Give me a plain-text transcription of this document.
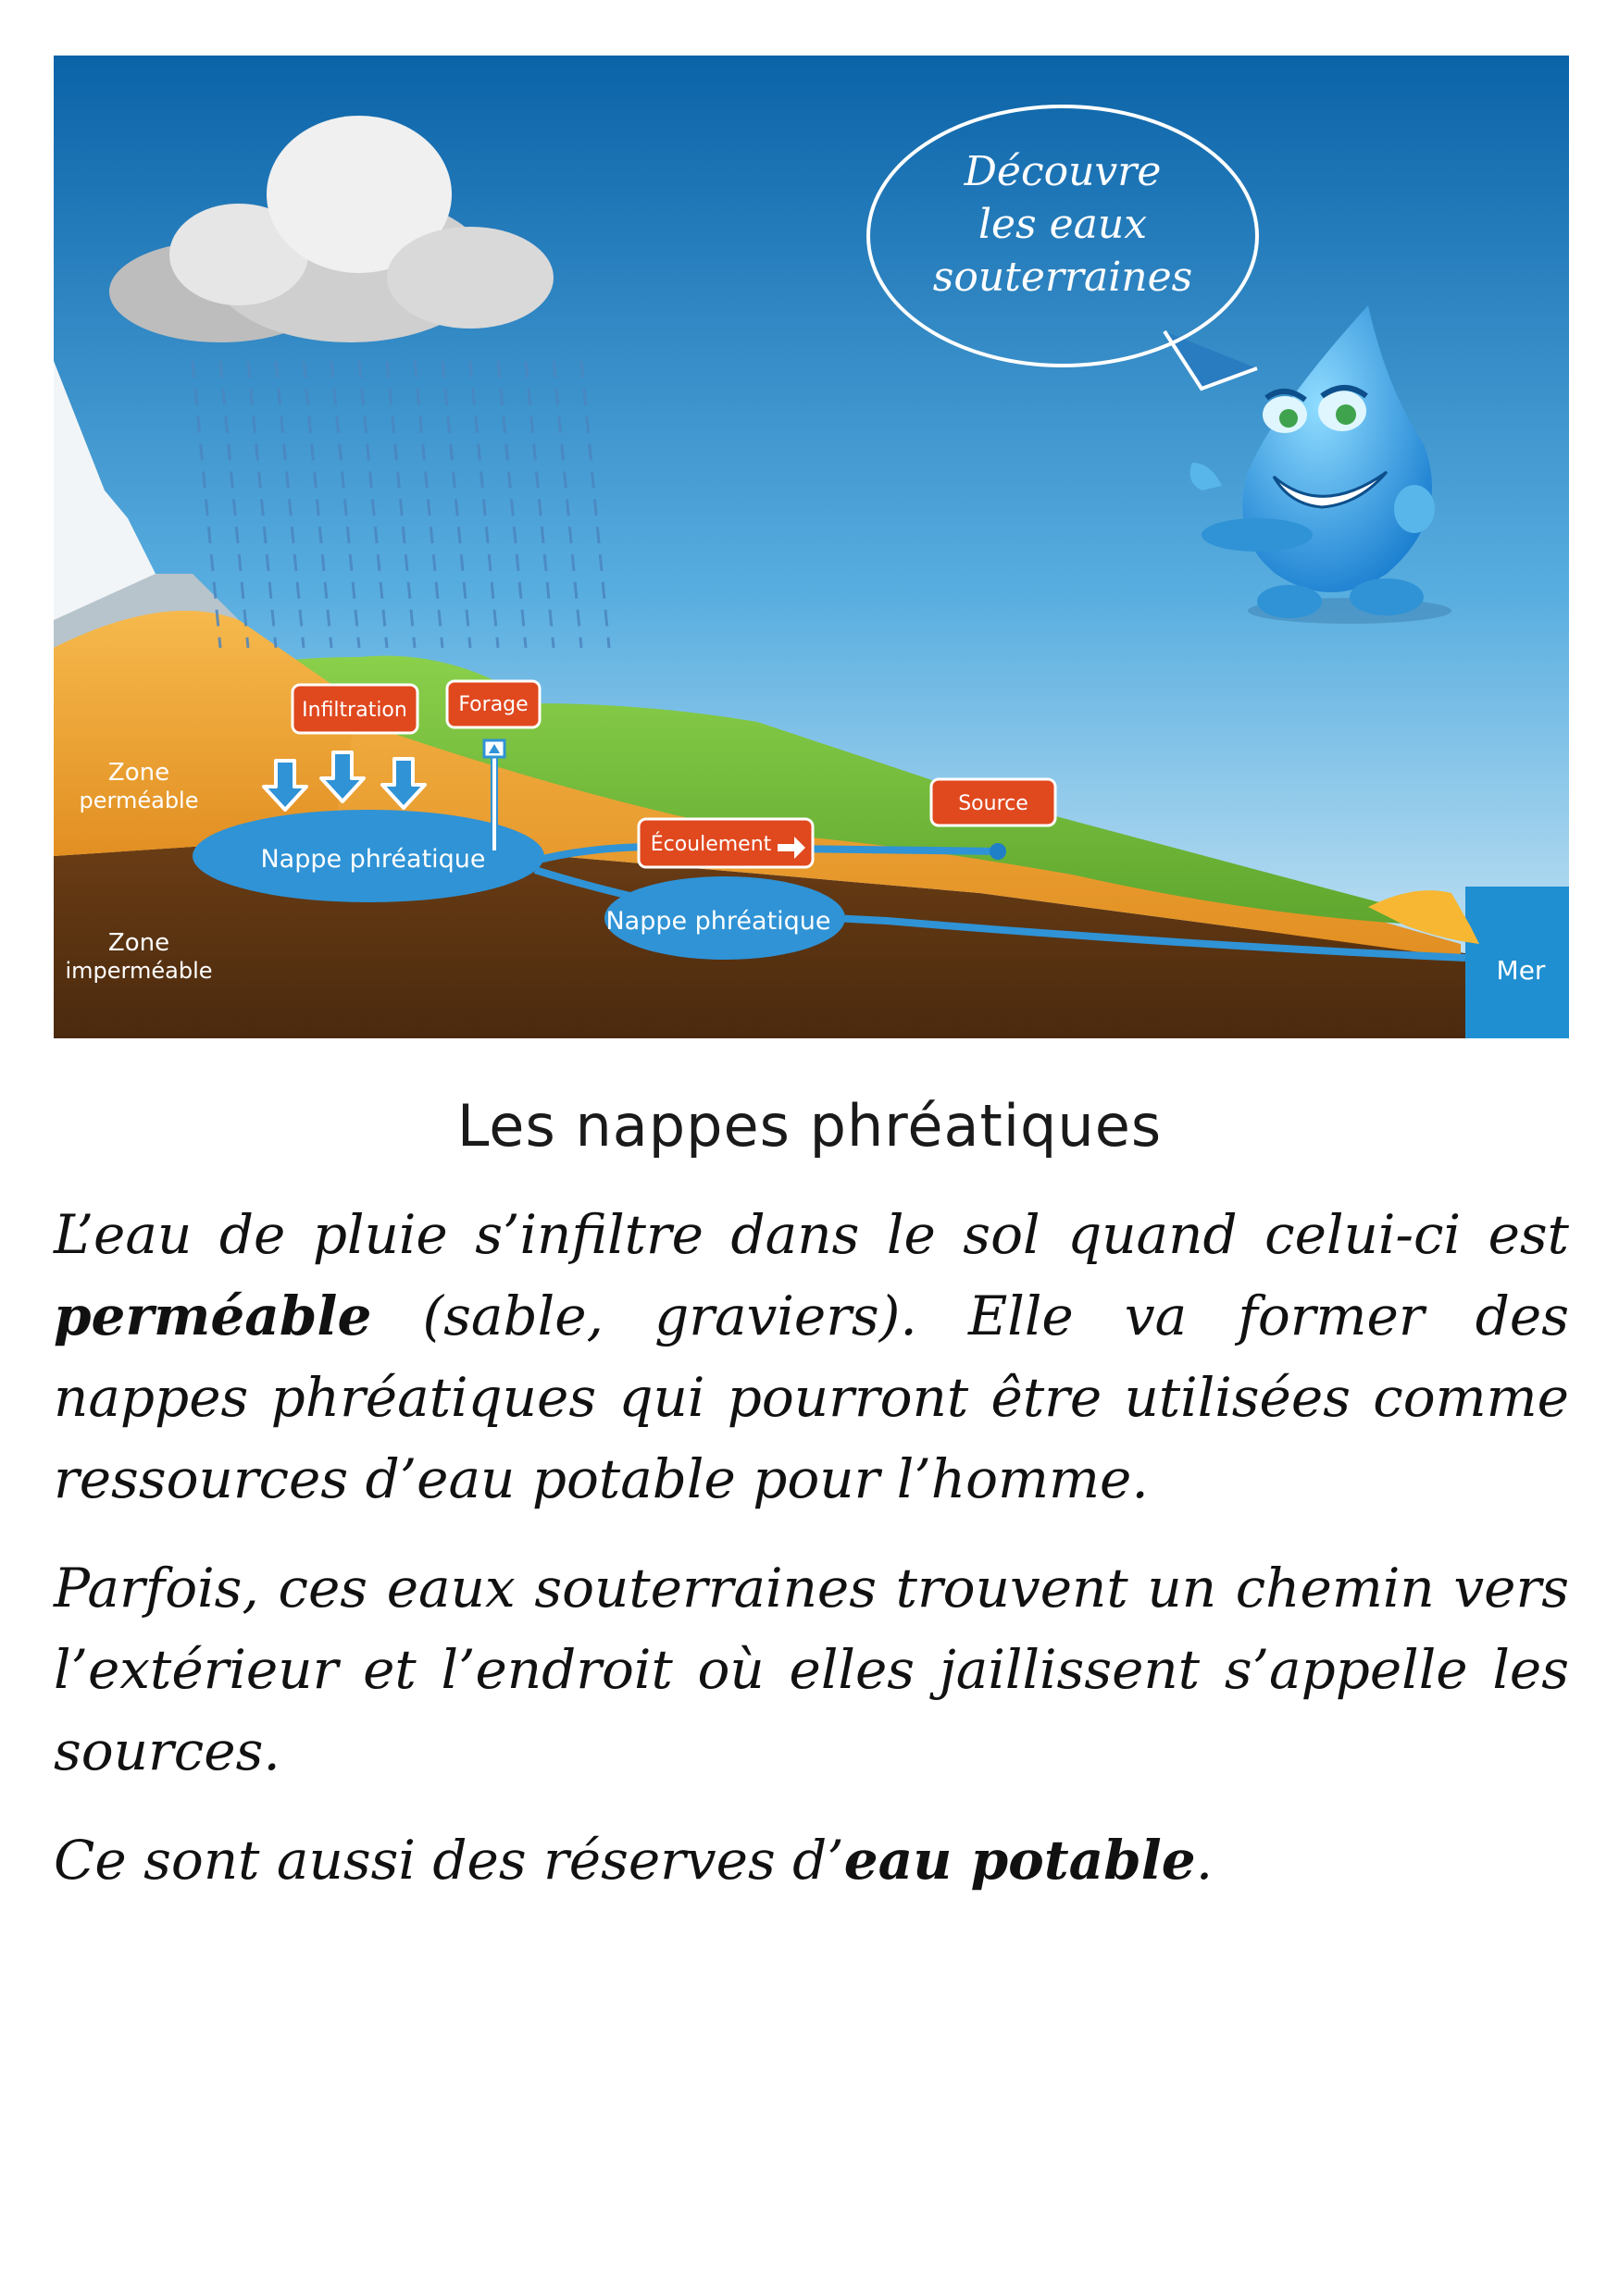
Nappe phréatique
Nappe phréatique
Infiltration	Forage
Écoulement
Source
Zone
perméable
Zone
imperméable	Mer
Découvre
les eaux
souterraines
Les nappes phréatiques

L’eau de pluie s’infiltre dans le sol quand celui-ci est perméable (sable, graviers). Elle va former des nappes phréatiques qui pourront être utilisées comme ressources d’eau potable pour l’homme.

Parfois, ces eaux souterraines trouvent un chemin vers l’extérieur et l’endroit où elles jaillissent s’appelle les sources.

Ce sont aussi des réserves d’eau potable.
